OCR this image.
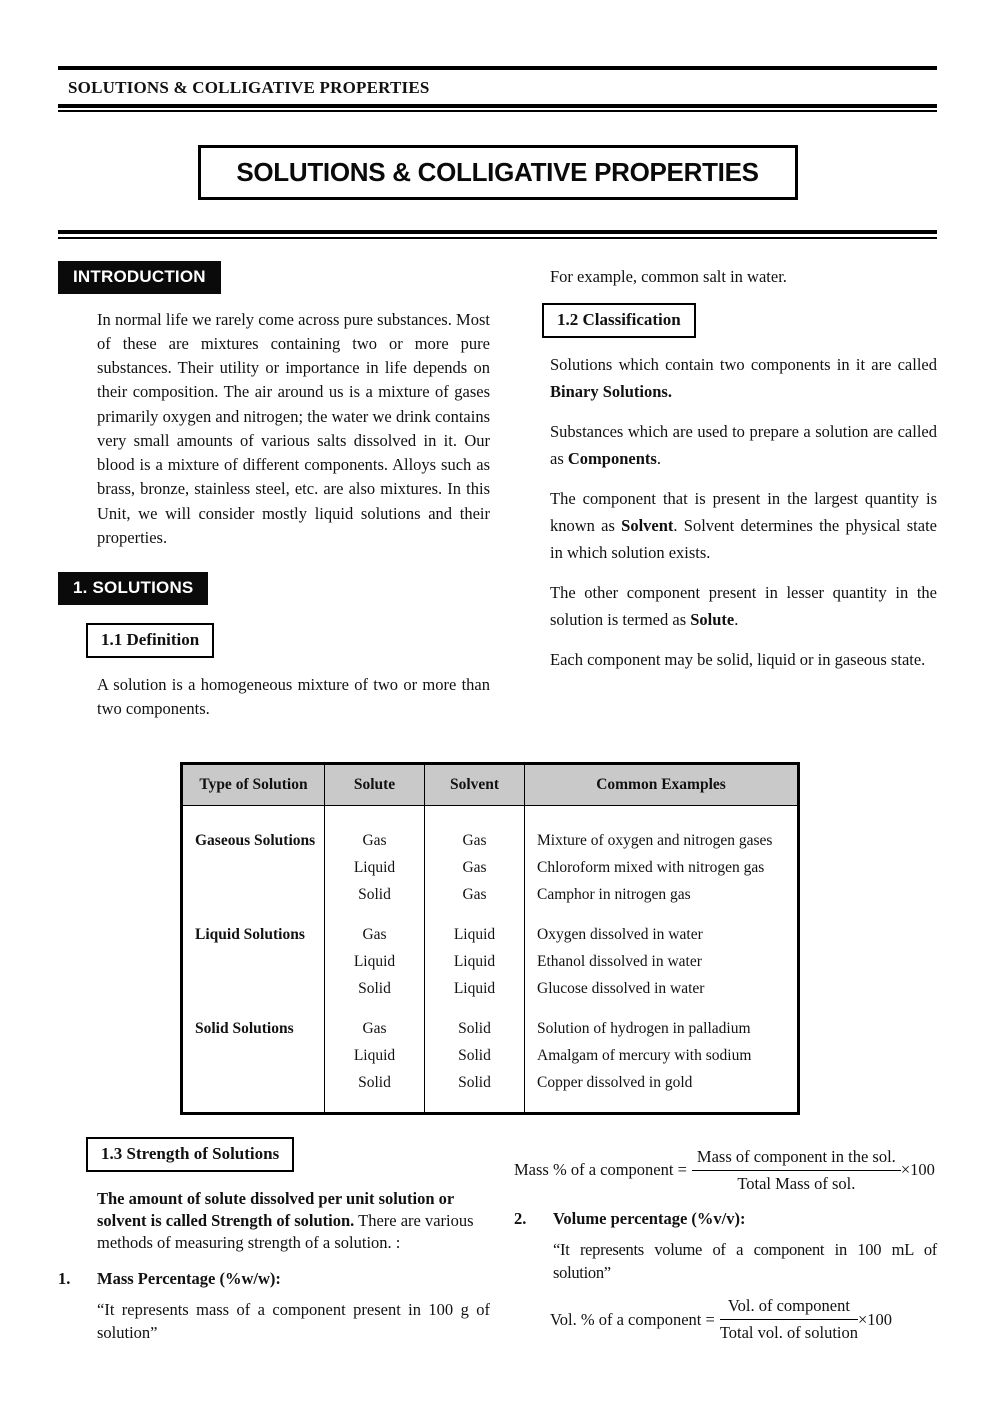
SOLUTIONS & COLLIGATIVE PROPERTIES
SOLUTIONS & COLLIGATIVE PROPERTIES
INTRODUCTION

In normal life we rarely come across pure substances. Most of these are mixtures containing two or more pure substances. Their utility or importance in life depends on their composition. The air around us is a mixture of gases primarily oxygen and nitrogen; the water we drink contains very small amounts of various salts dissolved in it. Our blood is a mixture of different components. Alloys such as brass, bronze, stainless steel, etc. are also mixtures. In this Unit, we will consider mostly liquid solutions and their properties.

1. SOLUTIONS
1.1 Definition

A solution is a homogeneous mixture of two or more than two components.

For example, common salt in water.

1.2 Classification

Solutions which contain two components in it are called Binary Solutions.

Substances which are used to prepare a solution are called as Components.

The component that is present in the largest quantity is known as Solvent. Solvent determines the physical state in which solution exists.

The other component present in lesser quantity in the solution is termed as Solute.

Each component may be solid, liquid or in gaseous state.

Type of Solution	Solute	Solvent	Common Examples
Gaseous Solutions	Gas	Gas	Mixture of oxygen and nitrogen gases
	Liquid	Gas	Chloroform mixed with nitrogen gas
	Solid	Gas	Camphor in nitrogen gas
Liquid Solutions	Gas	Liquid	Oxygen dissolved in water
	Liquid	Liquid	Ethanol dissolved in water
	Solid	Liquid	Glucose dissolved in water
Solid Solutions	Gas	Solid	Solution of hydrogen in palladium
	Liquid	Solid	Amalgam of mercury with sodium
	Solid	Solid	Copper dissolved in gold
1.3 Strength of Solutions

The amount of solute dissolved per unit solution or solvent is called Strength of solution. There are various methods of measuring strength of a solution. :

1.	Mass Percentage (%w/w):
“It represents mass of a component present in 100 g of solution”
Mass % of a component = $\frac{\text{Mass of component in the sol.}}{\text{Total Mass of sol.}} \times 100$
2.	Volume percentage (%v/v):
“It represents volume of a component in 100 mL of solution”
Vol. % of a component = $\frac{\text{Vol. of component}}{\text{Total vol. of solution}} \times 100$
